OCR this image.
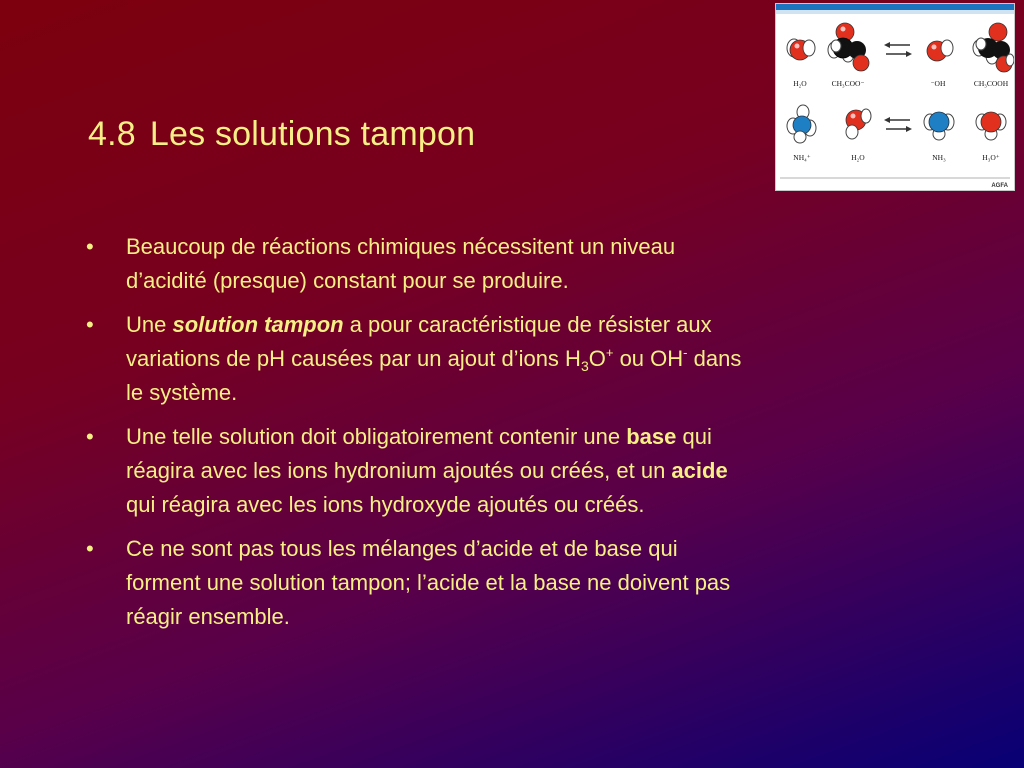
4.8 Les solutions tampon
•	Beaucoup de réactions chimiques nécessitent un niveau
d’acidité (presque) constant pour se produire.
•	Une solution tampon a pour caractéristique de résister aux
variations de pH causées par un ajout d’ions $H_3O^+$ ou OH- dans
le système.
•	Une telle solution doit obligatoirement contenir une base qui
réagira avec les ions hydronium ajoutés ou créés, et un acide
qui réagira avec les ions hydroxyde ajoutés ou créés.
•	Ce ne sont pas tous les mélanges d’acide et de base qui
forment une solution tampon; l’acide et la base ne doivent pas
réagir ensemble.
H₂O	CH₃COO⁻	⁻OH	CH₃COOH
NH₄⁺	H₂O	NH₃	H₃O⁺
AGFA
